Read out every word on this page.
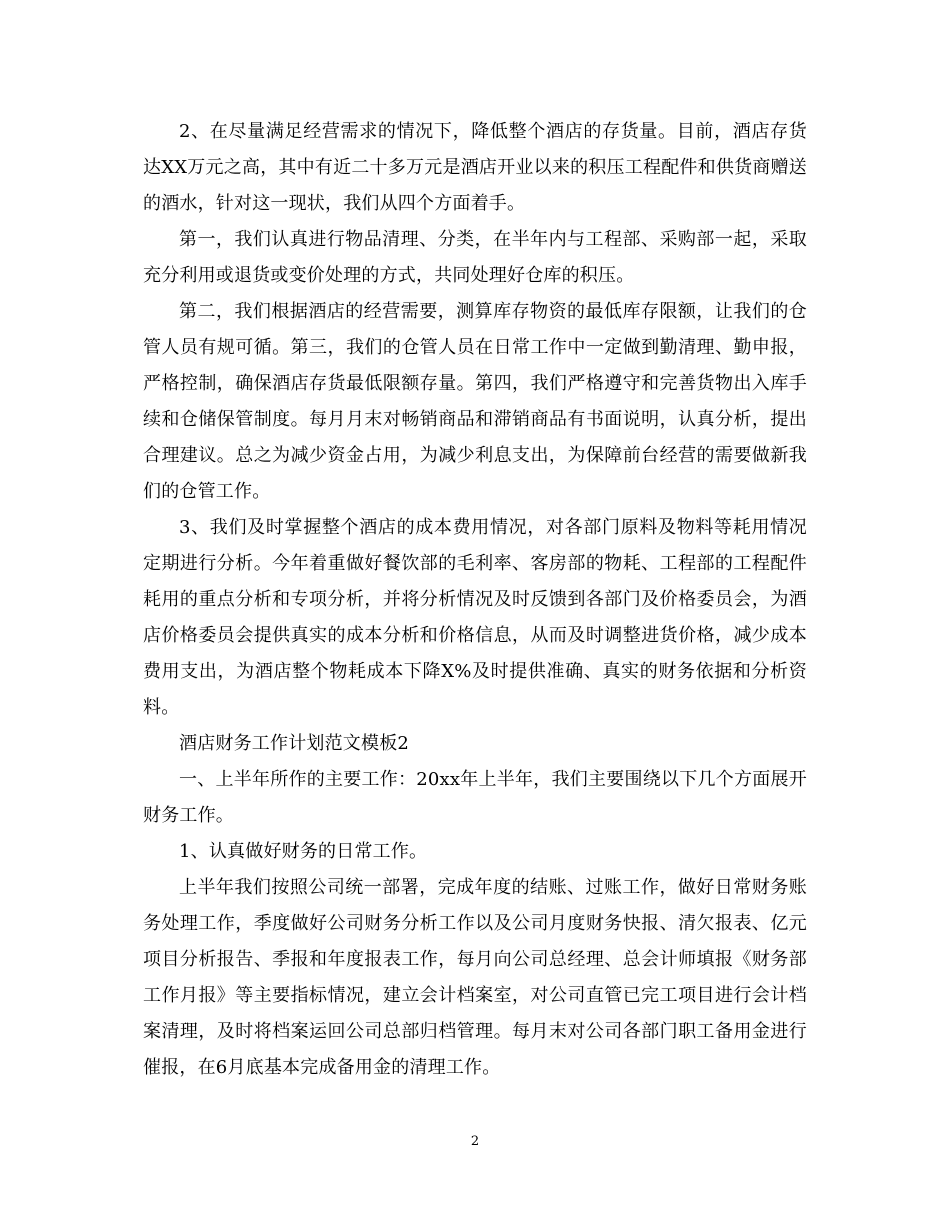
2、在尽量满足经营需求的情况下，降低整个酒店的存货量。目前，酒店存货达XX万元之高，其中有近二十多万元是酒店开业以来的积压工程配件和供货商赠送的酒水，针对这一现状，我们从四个方面着手。

第一，我们认真进行物品清理、分类，在半年内与工程部、采购部一起，采取充分利用或退货或变价处理的方式，共同处理好仓库的积压。

第二，我们根据酒店的经营需要，测算库存物资的最低库存限额，让我们的仓管人员有规可循。第三，我们的仓管人员在日常工作中一定做到勤清理、勤申报，严格控制，确保酒店存货最低限额存量。第四，我们严格遵守和完善货物出入库手续和仓储保管制度。每月月末对畅销商品和滞销商品有书面说明，认真分析，提出合理建议。总之为减少资金占用，为减少利息支出，为保障前台经营的需要做新我们的仓管工作。

3、我们及时掌握整个酒店的成本费用情况，对各部门原料及物料等耗用情况定期进行分析。今年着重做好餐饮部的毛利率、客房部的物耗、工程部的工程配件耗用的重点分析和专项分析，并将分析情况及时反馈到各部门及价格委员会，为酒店价格委员会提供真实的成本分析和价格信息，从而及时调整进货价格，减少成本费用支出，为酒店整个物耗成本下降X%及时提供准确、真实的财务依据和分析资料。

酒店财务工作计划范文模板2

一、上半年所作的主要工作：20xx年上半年，我们主要围绕以下几个方面展开财务工作。

1、认真做好财务的日常工作。

上半年我们按照公司统一部署，完成年度的结账、过账工作，做好日常财务账务处理工作，季度做好公司财务分析工作以及公司月度财务快报、清欠报表、亿元项目分析报告、季报和年度报表工作，每月向公司总经理、总会计师填报《财务部工作月报》等主要指标情况，建立会计档案室，对公司直管已完工项目进行会计档案清理，及时将档案运回公司总部归档管理。每月末对公司各部门职工备用金进行催报，在6月底基本完成备用金的清理工作。

2
